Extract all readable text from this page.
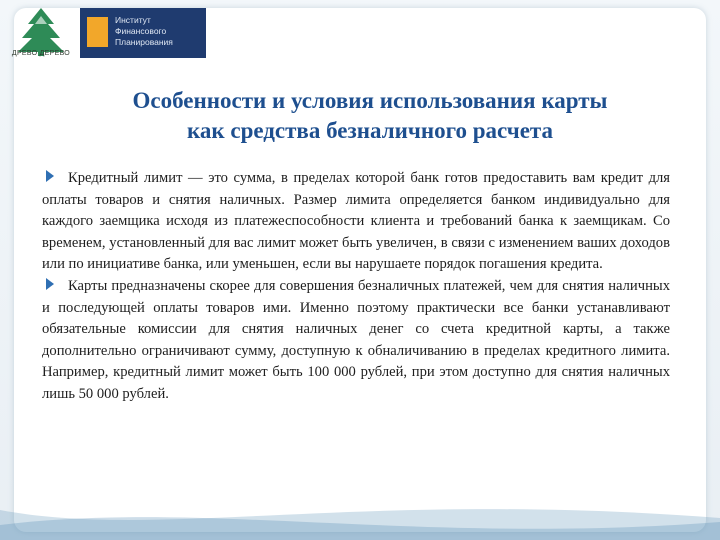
ДРЕВО ДЕРЕВО
Институт
Финансового
Планирования
Особенности и условия использования карты
как средства безналичного расчета

Кредитный лимит — это сумма, в пределах которой банк готов предоставить вам кредит для оплаты товаров и снятия наличных. Размер лимита определяется банком индивидуально для каждого заемщика исходя из платежеспособности клиента и требований банка к заемщикам. Со временем, установленный для вас лимит может быть увеличен, в связи с изменением ваших доходов или по инициативе банка, или уменьшен, если вы нарушаете порядок погашения кредита.

Карты предназначены скорее для совершения безналичных платежей, чем для снятия наличных и последующей оплаты товаров ими. Именно поэтому практически все банки устанавливают обязательные комиссии для снятия наличных денег со счета кредитной карты, а также дополнительно ограничивают сумму, доступную к обналичиванию в пределах кредитного лимита. Например, кредитный лимит может быть 100 000 рублей, при этом доступно для снятия наличных лишь 50 000 рублей.
